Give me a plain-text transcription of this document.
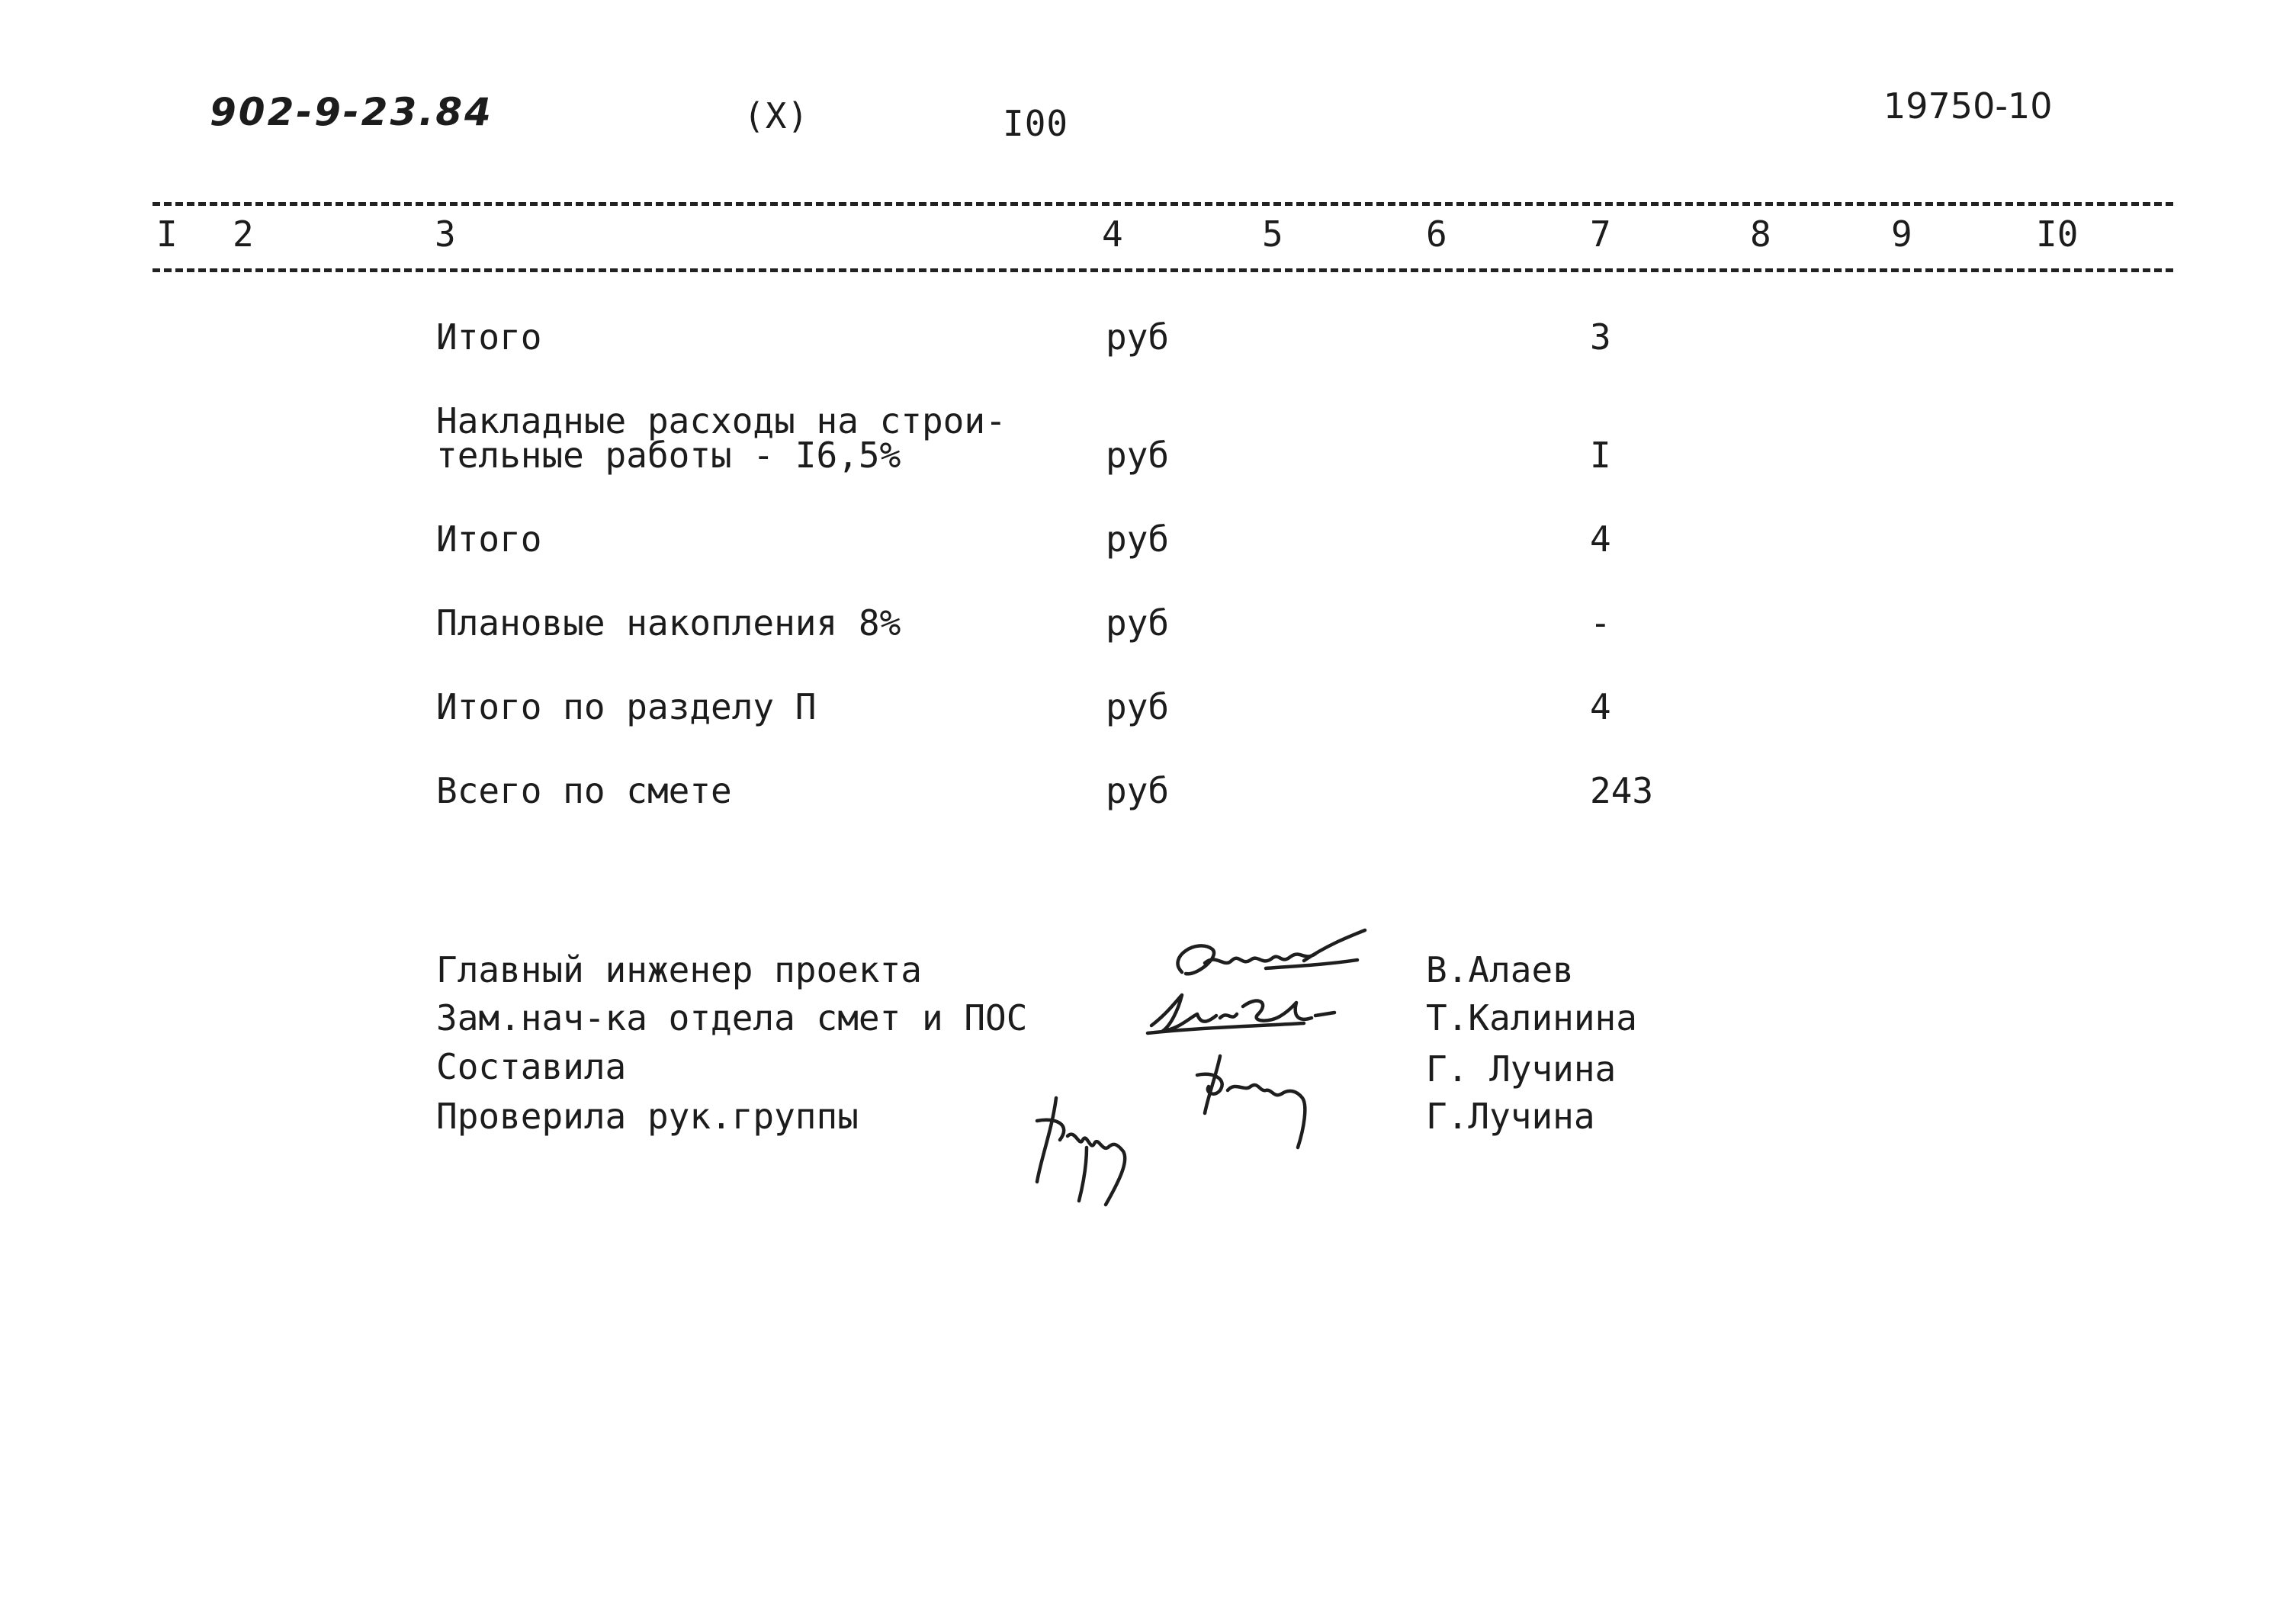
902-9-23.84	(X)	I00	19750-10
I 2	3	4	5	6	7	8	9	I0
Итого	руб	3
Накладные расходы на строи-
тельные работы - I6,5%	руб	I
Итого	руб	4
Плановые накопления 8%	руб	-
Итого по разделу П	руб	4
Всего по смете	руб	243
Главный инженер проекта	В.Алаев
Зам.нач-ка отдела смет и ПОС	Т.Калинина
Составила	Г. Лучина
Проверила рук.группы	Г.Лучина
